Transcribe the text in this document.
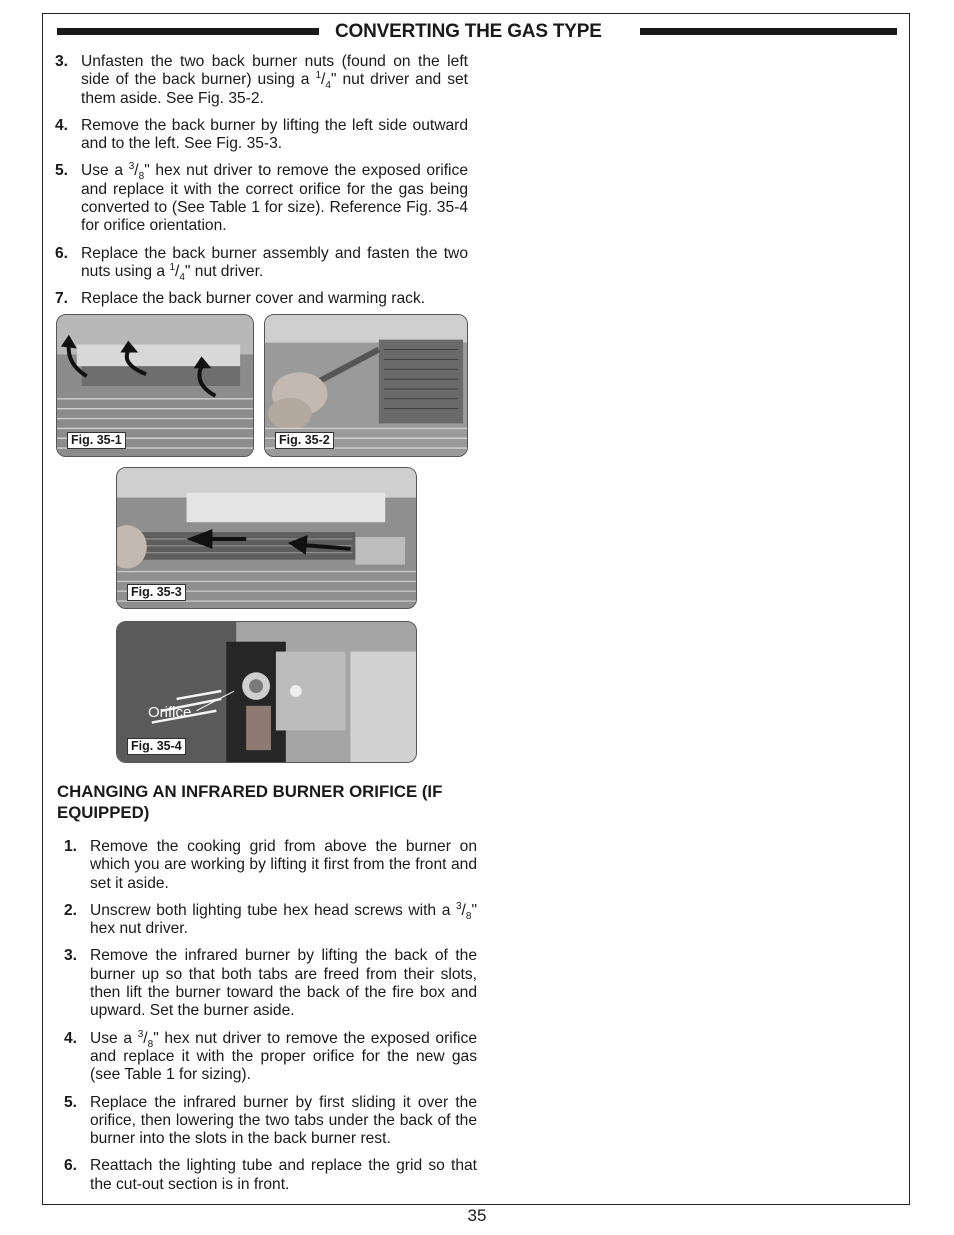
CONVERTING THE GAS TYPE
3. Unfasten the two back burner nuts (found on the left side of the back burner) using a $^1/_4$" nut driver and set them aside. See Fig. 35-2.
4. Remove the back burner by lifting the left side outward and to the left. See Fig. 35-3.
5. Use a $^3/_8$" hex nut driver to remove the exposed orifice and replace it with the correct orifice for the gas being converted to (See Table 1 for size). Reference Fig. 35-4 for orifice orientation.
6. Replace the back burner assembly and fasten the two nuts using a $^1/_4$" nut driver.
7. Replace the back burner cover and warming rack.
Fig. 35-1	Fig. 35-2
Fig. 35-3
Orifice
Fig. 35-4
CHANGING AN INFRARED BURNER ORIFICE (IF EQUIPPED)
1. Remove the cooking grid from above the burner on which you are working by lifting it first from the front and set it aside.
2. Unscrew both lighting tube hex head screws with a $^3/_8$" hex nut driver.
3. Remove the infrared burner by lifting the back of the burner up so that both tabs are freed from their slots, then lift the burner toward the back of the fire box and upward. Set the burner aside.
4. Use a $^3/_8$" hex nut driver to remove the exposed orifice and replace it with the proper orifice for the new gas (see Table 1 for sizing).
5. Replace the infrared burner by first sliding it over the orifice, then lowering the two tabs under the back of the burner into the slots in the back burner rest.
6. Reattach the lighting tube and replace the grid so that the cut-out section is in front.
35
